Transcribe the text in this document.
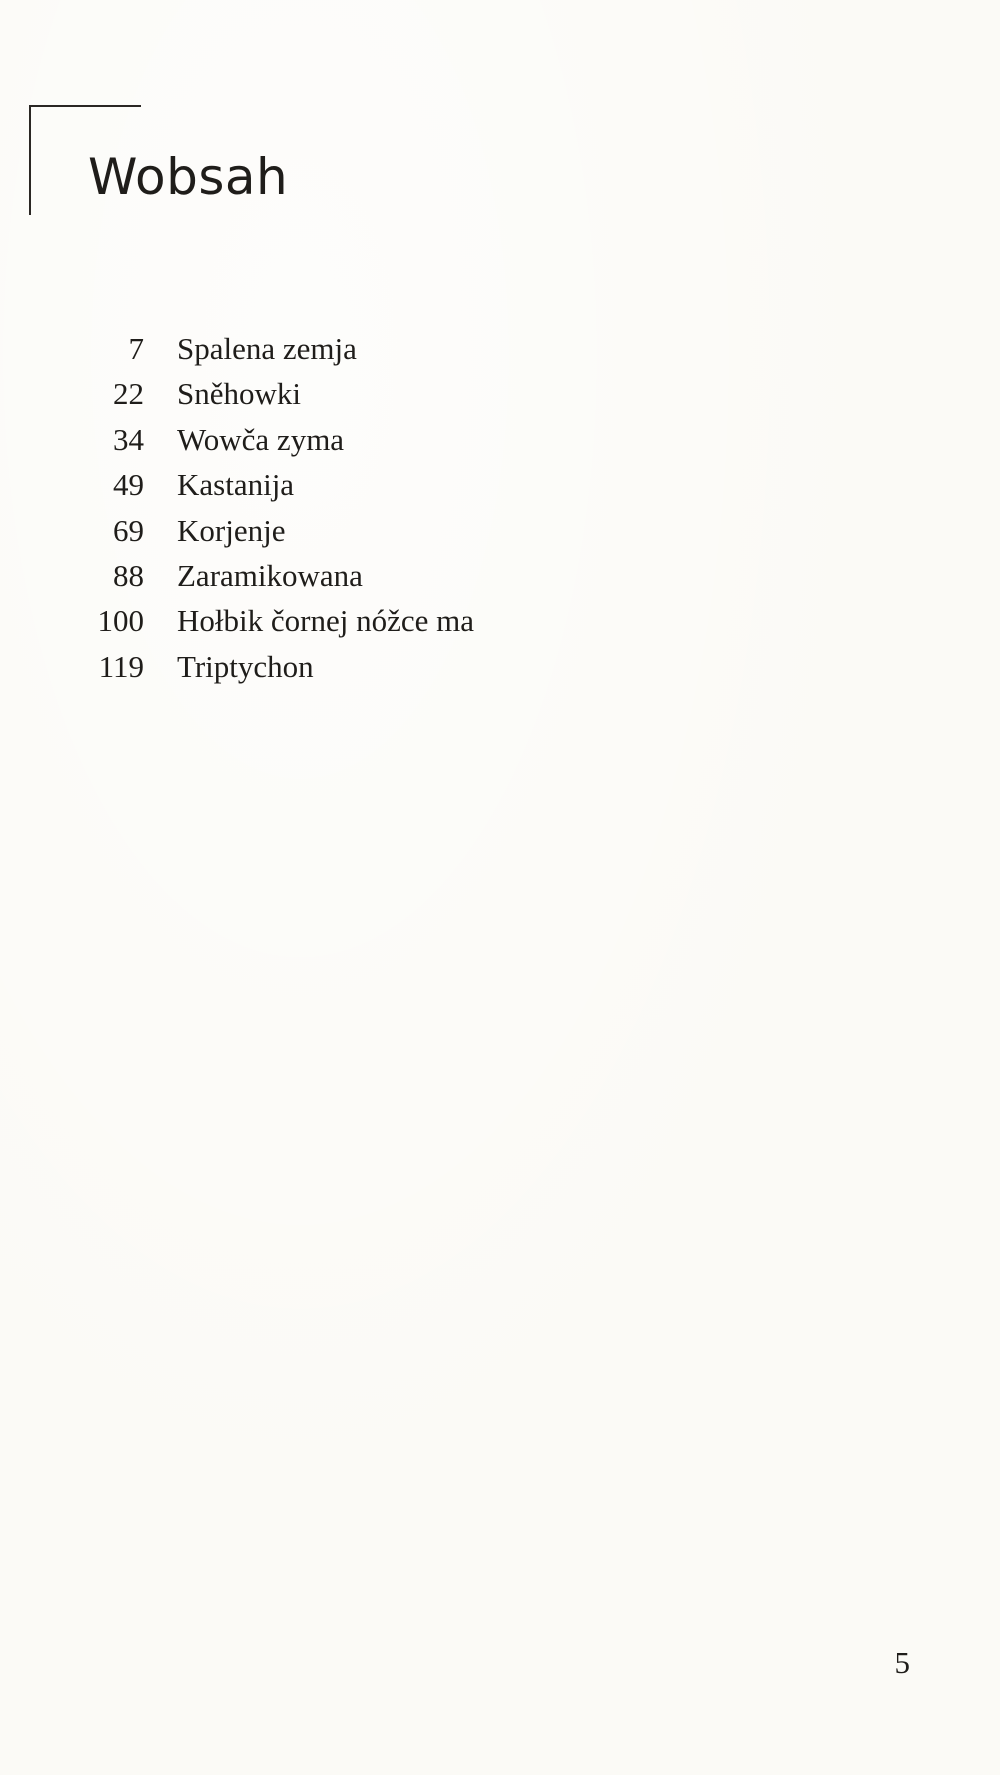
Wobsah
7 Spalena zemja
22 Sněhowki
34 Wowča zyma
49 Kastanija
69 Korjenje
88 Zaramikowana
100 Hołbik čornej nóžce ma
119 Triptychon
5
